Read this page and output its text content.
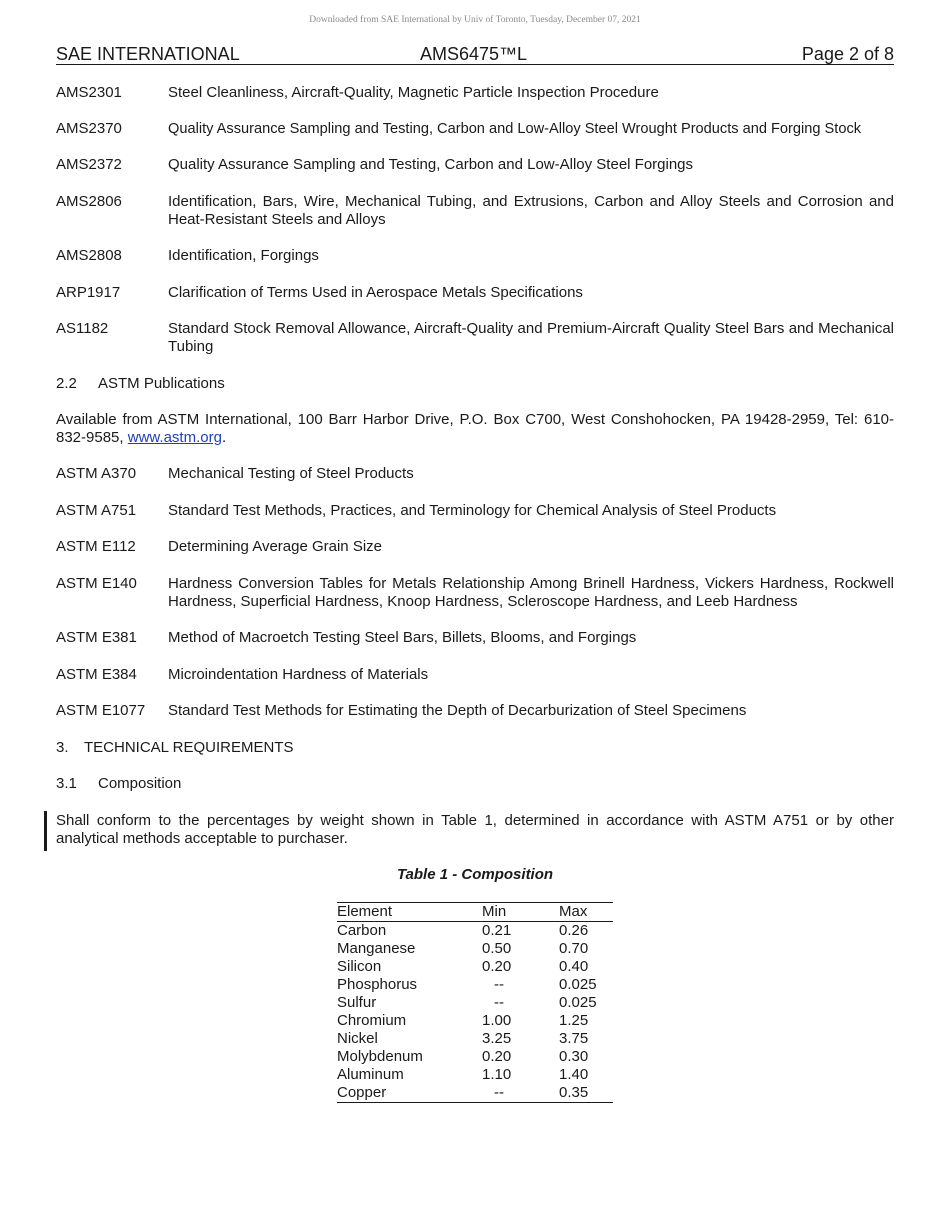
Downloaded from SAE International by Univ of Toronto, Tuesday, December 07, 2021
SAE INTERNATIONAL	AMS6475™L	Page 2 of 8
AMS2301	Steel Cleanliness, Aircraft-Quality, Magnetic Particle Inspection Procedure
AMS2370	Quality Assurance Sampling and Testing, Carbon and Low-Alloy Steel Wrought Products and Forging Stock
AMS2372	Quality Assurance Sampling and Testing, Carbon and Low-Alloy Steel Forgings
AMS2806	Identification, Bars, Wire, Mechanical Tubing, and Extrusions, Carbon and Alloy Steels and Corrosion and Heat-Resistant Steels and Alloys
AMS2808	Identification, Forgings
ARP1917	Clarification of Terms Used in Aerospace Metals Specifications
AS1182	Standard Stock Removal Allowance, Aircraft-Quality and Premium-Aircraft Quality Steel Bars and Mechanical Tubing
2.2 ASTM Publications
Available from ASTM International, 100 Barr Harbor Drive, P.O. Box C700, West Conshohocken, PA 19428-2959, Tel: 610-832-9585, www.astm.org.
ASTM A370 Mechanical Testing of Steel Products
ASTM A751 Standard Test Methods, Practices, and Terminology for Chemical Analysis of Steel Products
ASTM E112 Determining Average Grain Size
ASTM E140 Hardness Conversion Tables for Metals Relationship Among Brinell Hardness, Vickers Hardness, Rockwell Hardness, Superficial Hardness, Knoop Hardness, Scleroscope Hardness, and Leeb Hardness
ASTM E381 Method of Macroetch Testing Steel Bars, Billets, Blooms, and Forgings
ASTM E384 Microindentation Hardness of Materials
ASTM E1077 Standard Test Methods for Estimating the Depth of Decarburization of Steel Specimens
3. TECHNICAL REQUIREMENTS
3.1 Composition
Shall conform to the percentages by weight shown in Table 1, determined in accordance with ASTM A751 or by other analytical methods acceptable to purchaser.
Table 1 - Composition
Element	Min	Max
Carbon	0.21	0.26
Manganese	0.50	0.70
Silicon	0.20	0.40
Phosphorus	--	0.025
Sulfur	--	0.025
Chromium	1.00	1.25
Nickel	3.25	3.75
Molybdenum	0.20	0.30
Aluminum	1.10	1.40
Copper	--	0.35
